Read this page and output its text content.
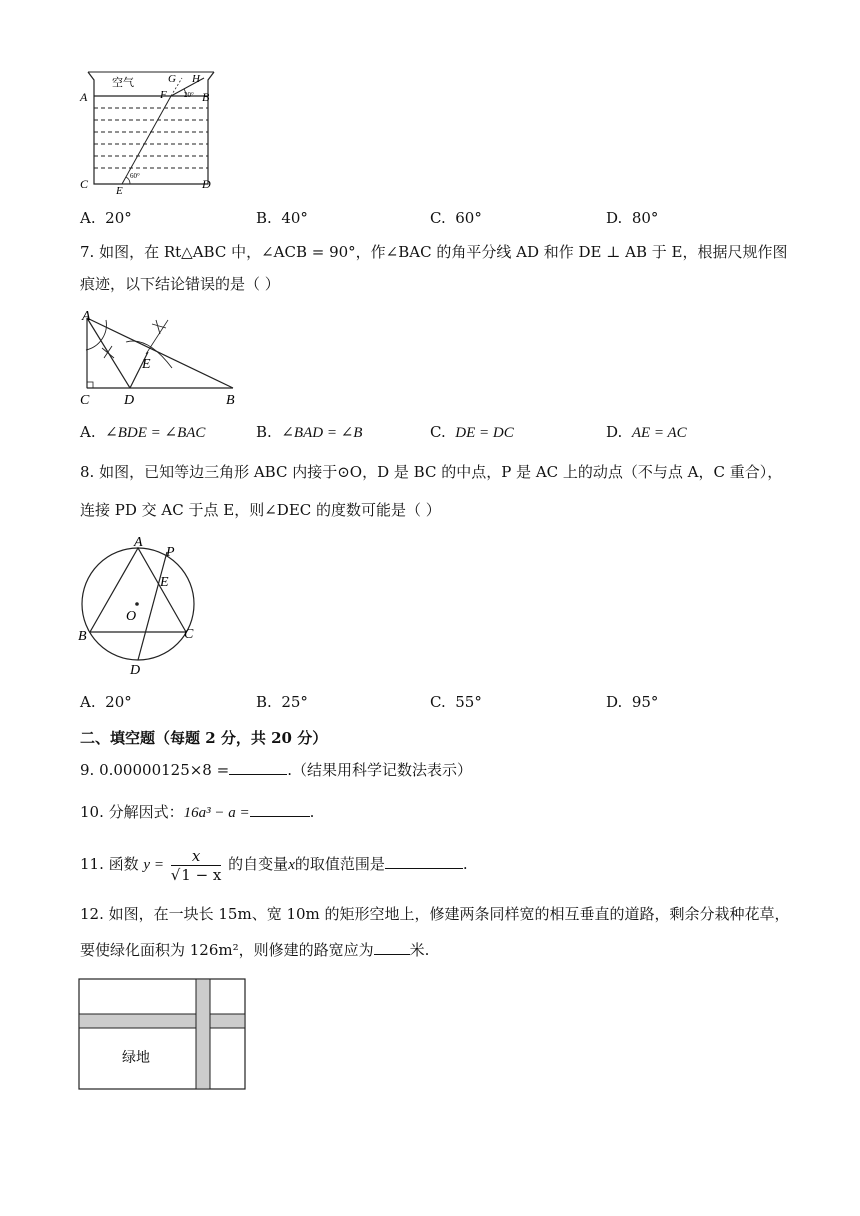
空气
A	B
C	D
E
F
G H
20°
60°
A. 20°	B. 40°	C. 60°	D. 80°
7. 如图，在 Rt△ABC 中，∠ACB = 90°，作∠BAC 的角平分线 AD 和作 DE ⊥ AB 于 E，根据尺规作图
痕迹，以下结论错误的是（ ）
A
C D	B
E
A. ∠BDE = ∠BAC	B. ∠BAD = ∠B	C. DE = DC	D. AE = AC
8. 如图，已知等边三角形 ABC 内接于⊙O，D 是 BC 的中点，P 是 AC 上的动点（不与点 A，C 重合），
连接 PD 交 AC 于点 E，则∠DEC 的度数可能是（ ）
A
P
E
O
B	C
D
A. 20°	B. 25°	C. 55°	D. 95°
二、填空题（每题 2 分，共 20 分）
9. 0.00000125×8 =	.（结果用科学记数法表示）
10. 分解因式：16a³ − a =	.
11. 函数 $y = \frac{x}{√1 - x}$ 的自变量x的取值范围是	.
12. 如图，在一块长 15m、宽 10m 的矩形空地上，修建两条同样宽的相互垂直的道路，剩余分栽种花草，
要使绿化面积为 126m²，则修建的路宽应为 米.
绿地
